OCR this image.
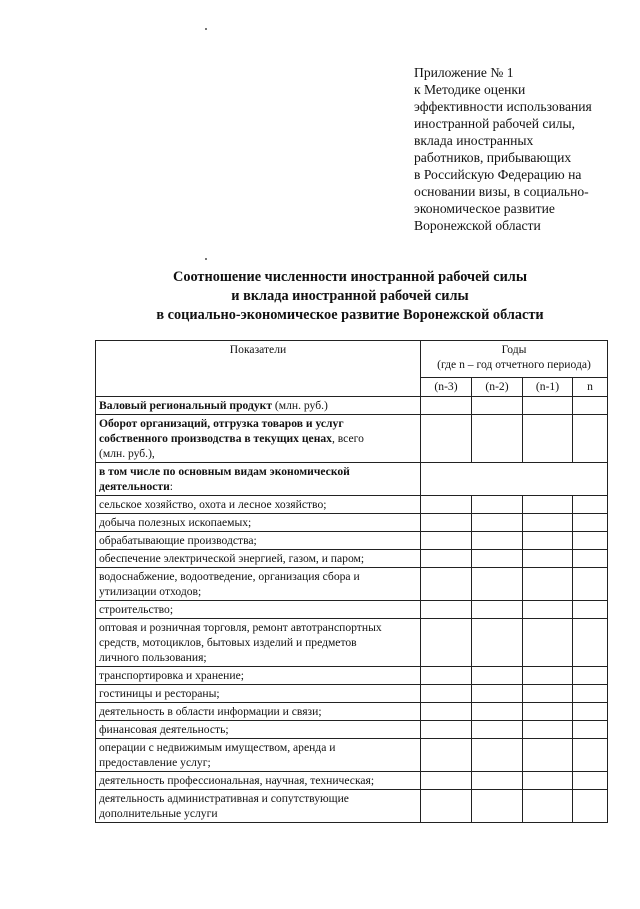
Приложение № 1
к Методике оценки
эффективности использования
иностранной рабочей силы,
вклада иностранных
работников, прибывающих
в Российскую Федерацию на
основании визы, в социально-
экономическое развитие
Воронежской области
Соотношение численности иностранной рабочей силы
и вклада иностранной рабочей силы
в социально-экономическое развитие Воронежской области
Показатели	Годы
(где n – год отчетного периода)			

	(n-3)	(n-2)	(n-1)	n

Валовый региональный продукт (млн. руб.)				

Оборот организаций, отгрузка товаров и услуг
собственного производства в текущих ценах, всего
(млн. руб.),				

в том числе по основным видам экономической
деятельности:				

сельское хозяйство, охота и лесное хозяйство;				

добыча полезных ископаемых;				

обрабатывающие производства;				

обеспечение электрической энергией, газом, и паром;				

водоснабжение, водоотведение, организация сбора и
утилизации отходов;				

строительство;				

оптовая и розничная торговля, ремонт автотранспортных
средств, мотоциклов, бытовых изделий и предметов
личного пользования;				

транспортировка и хранение;				

гостиницы и рестораны;				

деятельность в области информации и связи;				

финансовая деятельность;				

операции с недвижимым имуществом, аренда и
предоставление услуг;				

деятельность профессиональная, научная, техническая;				

деятельность административная и сопутствующие
дополнительные услуги				
